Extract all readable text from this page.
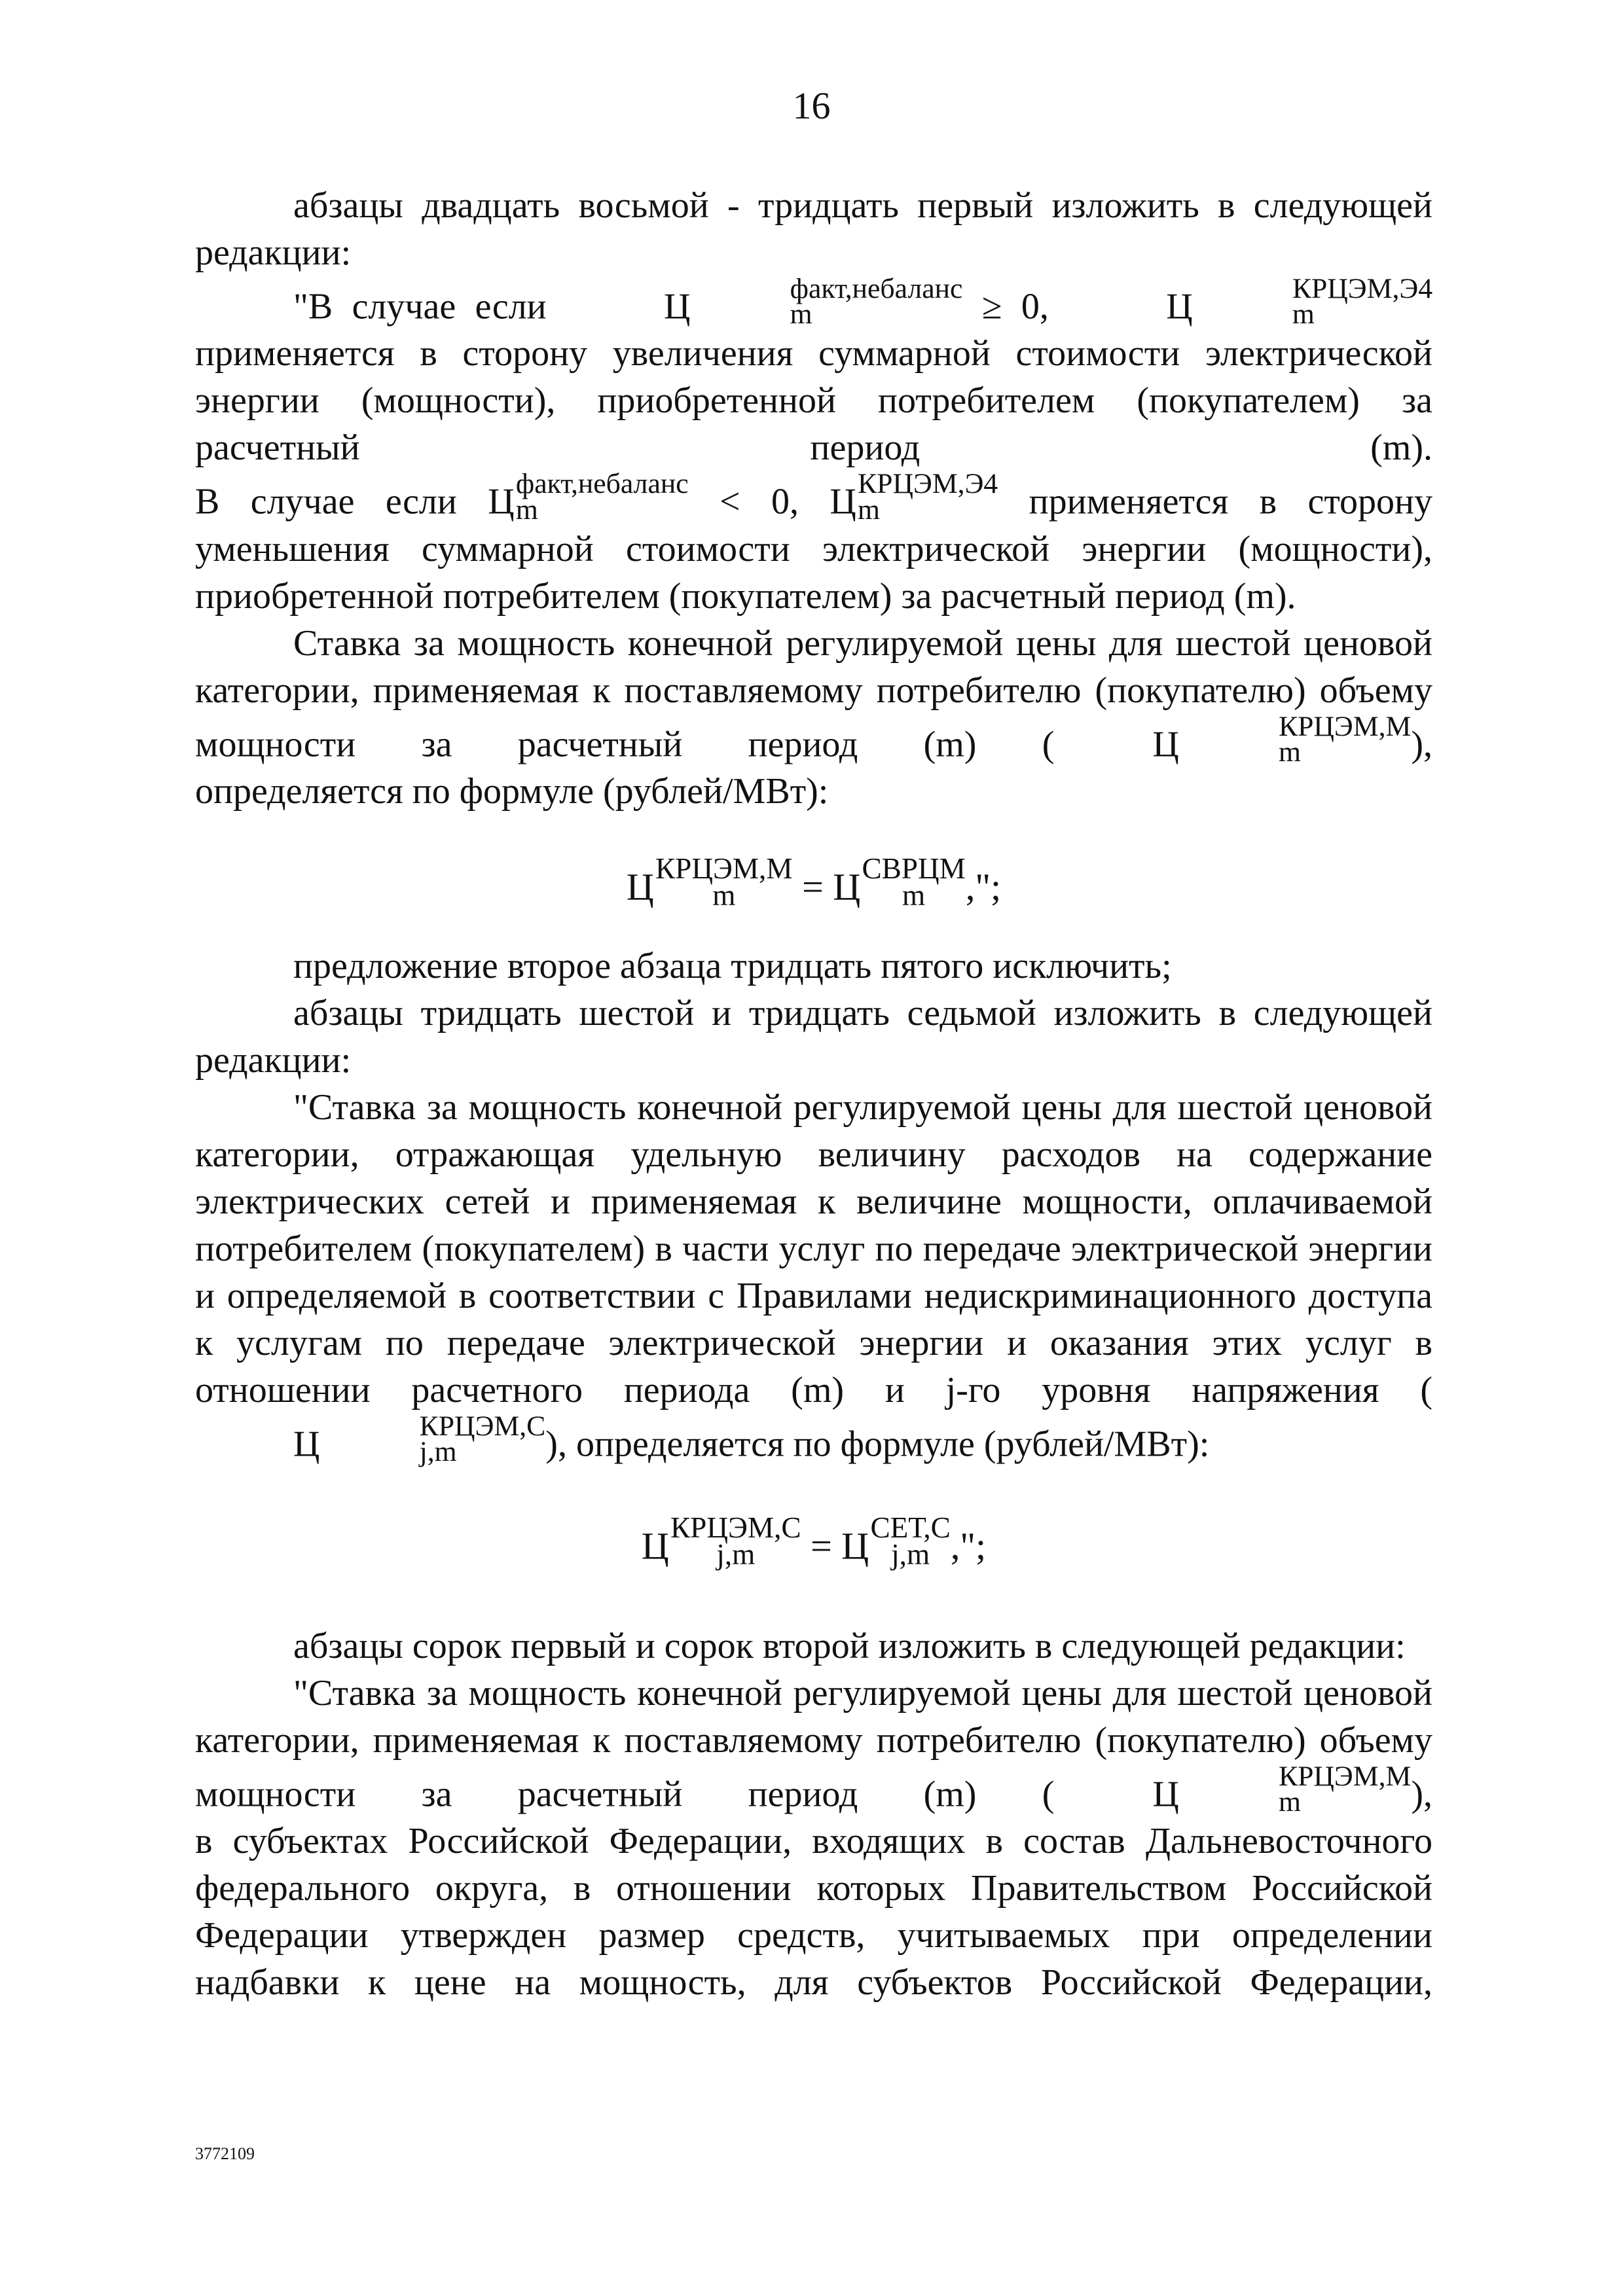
16

абзацы двадцать восьмой - тридцать первый изложить в следующей редакции:

"В случае если	Ц	факт,небаланс
m	≥ 0,	Ц	КРЦЭМ,Э4
m
применяется в сторону увеличения суммарной стоимости электрической энергии (мощности), приобретенной потребителем (покупателем) за расчетный период (m).

В случае если Ц факт,небаланс
m	< 0, Ц КРЦЭМ,Э4
m	применяется в сторону уменьшения суммарной стоимости электрической энергии (мощности), приобретенной потребителем (покупателем) за расчетный период (m).

Ставка за мощность конечной регулируемой цены для шестой ценовой категории, применяемая к поставляемому потребителю (покупателю) объему мощности за расчетный период (m) (	Ц	КРЦЭМ,М
m	),

определяется по формуле (рублей/МВт):

Ц КРЦЭМ,М
m	= Ц СВРЦМ
m	,";

предложение второе абзаца тридцать пятого исключить;

абзацы тридцать шестой и тридцать седьмой изложить в следующей редакции:

"Ставка за мощность конечной регулируемой цены для шестой ценовой категории, отражающая удельную величину расходов на содержание электрических сетей и применяемая к величине мощности, оплачиваемой потребителем (покупателем) в части услуг по передаче электрической энергии и определяемой в соответствии с Правилами недискриминационного доступа к услугам по передаче электрической энергии и оказания этих услуг в отношении расчетного периода (m) и j-го уровня напряжения (Ц	КРЦЭМ,С
j,m	), определяется по формуле (рублей/МВт):

Ц КРЦЭМ,С
j,m	= Ц СЕТ,С
j,m ,";

абзацы сорок первый и сорок второй изложить в следующей редакции:

"Ставка за мощность конечной регулируемой цены для шестой ценовой категории, применяемая к поставляемому потребителю (покупателю) объему мощности за расчетный период (m) (	Ц	КРЦЭМ,М
m	),

в субъектах Российской Федерации, входящих в состав Дальневосточного федерального округа, в отношении которых Правительством Российской Федерации утвержден размер средств, учитываемых при определении надбавки к цене на мощность, для субъектов Российской Федерации,

3772109
